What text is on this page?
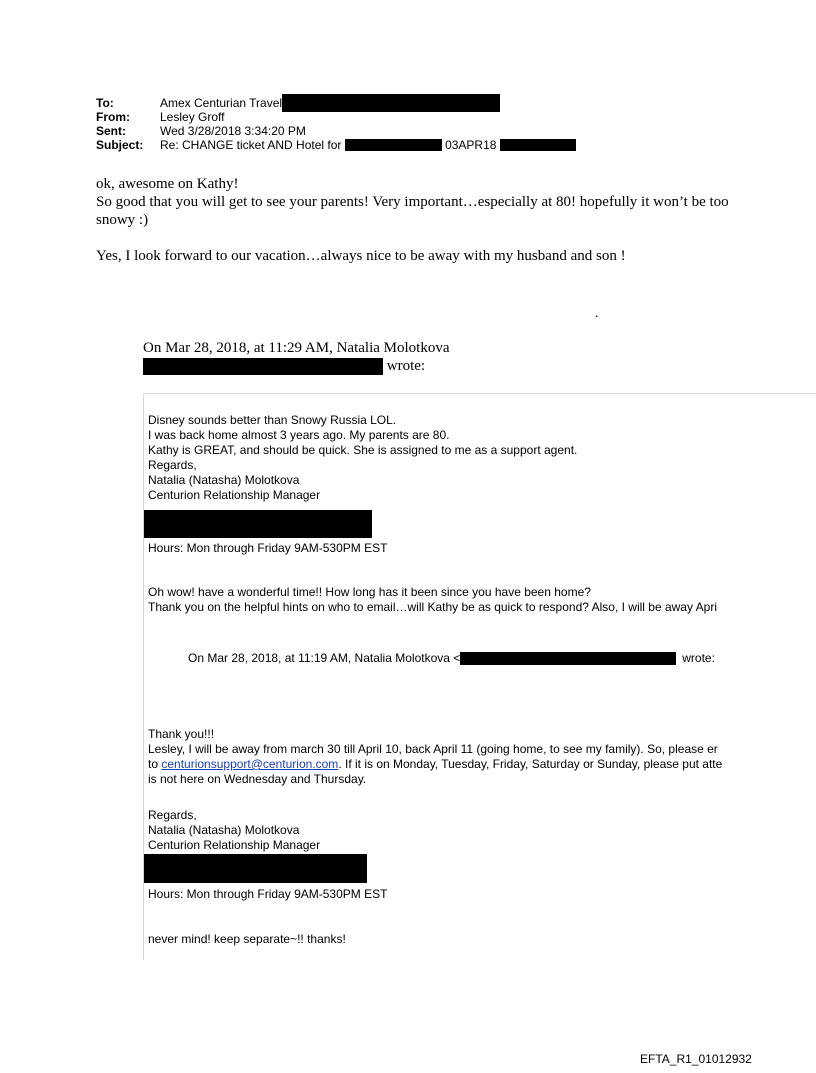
To:	Amex Centurian Travel
From:	Lesley Groff
Sent:	Wed 3/28/2018 3:34:20 PM
Subject: Re: CHANGE ticket AND Hotel for	03APR18

ok, awesome on Kathy!

So good that you will get to see your parents! Very important…especially at 80! hopefully it won’t be too snowy :)

Yes, I look forward to our vacation…always nice to be away with my husband and son !

.
On Mar 28, 2018, at 11:29 AM, Natalia Molotkova
wrote:

Disney sounds better than Snowy Russia LOL.

I was back home almost 3 years ago. My parents are 80.

Kathy is GREAT, and should be quick. She is assigned to me as a support agent.

Regards,

Natalia (Natasha) Molotkova

Centurion Relationship Manager

Hours: Mon through Friday 9AM-530PM EST

Oh wow! have a wonderful time!! How long has it been since you have been home?

Thank you on the helpful hints on who to email…will Kathy be as quick to respond? Also, I will be away Apri

On Mar 28, 2018, at 11:19 AM, Natalia Molotkova <	wrote:

Thank you!!!

Lesley, I will be away from march 30 till April 10, back April 11 (going home, to see my family). So, please er

to centurionsupport@centurion.com. If it is on Monday, Tuesday, Friday, Saturday or Sunday, please put atte

is not here on Wednesday and Thursday.

Regards,

Natalia (Natasha) Molotkova

Centurion Relationship Manager

Hours: Mon through Friday 9AM-530PM EST
never mind! keep separate~!! thanks!
EFTA_R1_01012932
